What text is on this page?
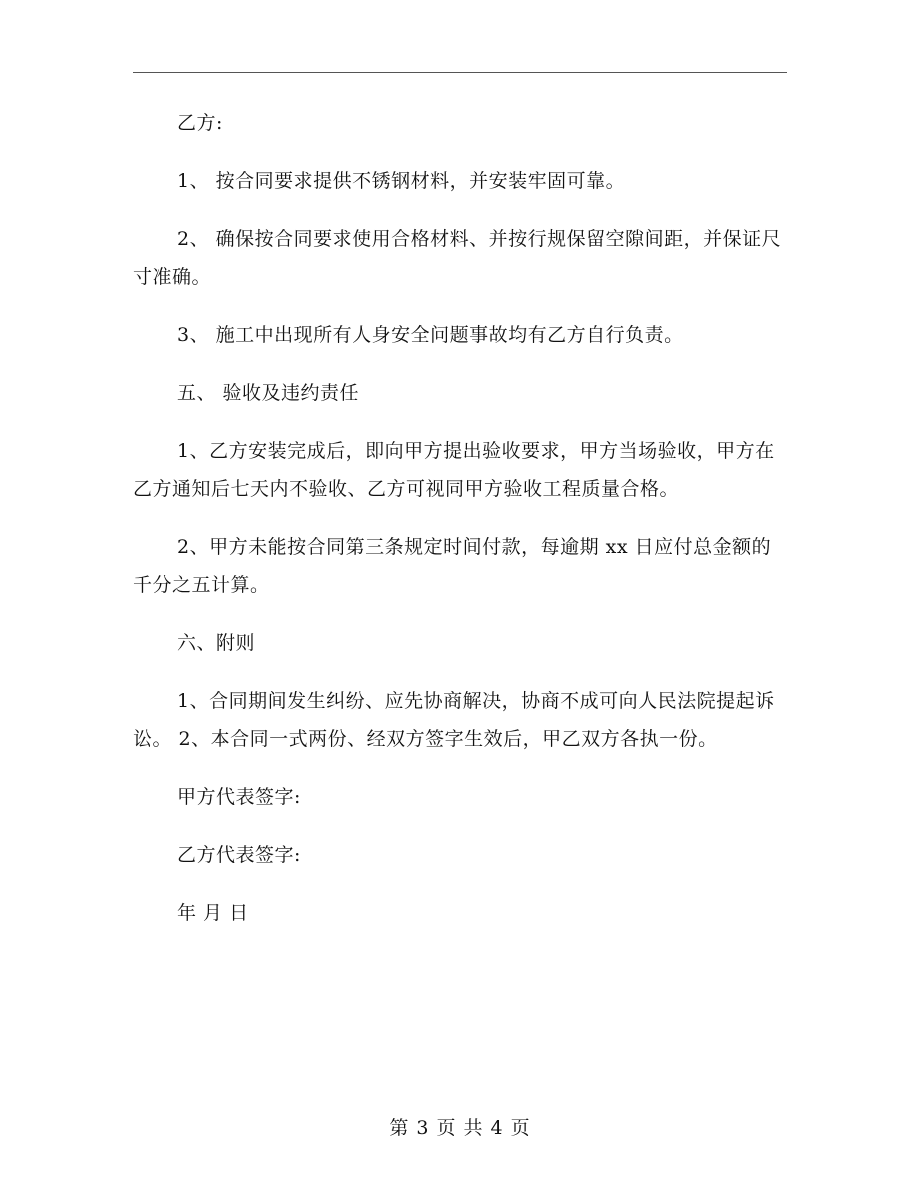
乙方:

1、 按合同要求提供不锈钢材料，并安装牢固可靠。

2、 确保按合同要求使用合格材料、并按行规保留空隙间距，并保证尺寸准确。

3、 施工中出现所有人身安全问题事故均有乙方自行负责。

五、 验收及违约责任

1、乙方安装完成后，即向甲方提出验收要求，甲方当场验收，甲方在乙方通知后七天内不验收、乙方可视同甲方验收工程质量合格。

2、甲方未能按合同第三条规定时间付款，每逾期 xx 日应付总金额的千分之五计算。

六、附则

1、合同期间发生纠纷、应先协商解决，协商不成可向人民法院提起诉讼。 2、本合同一式两份、经双方签字生效后，甲乙双方各执一份。

甲方代表签字:

乙方代表签字:

年 月 日

第 3 页 共 4 页
